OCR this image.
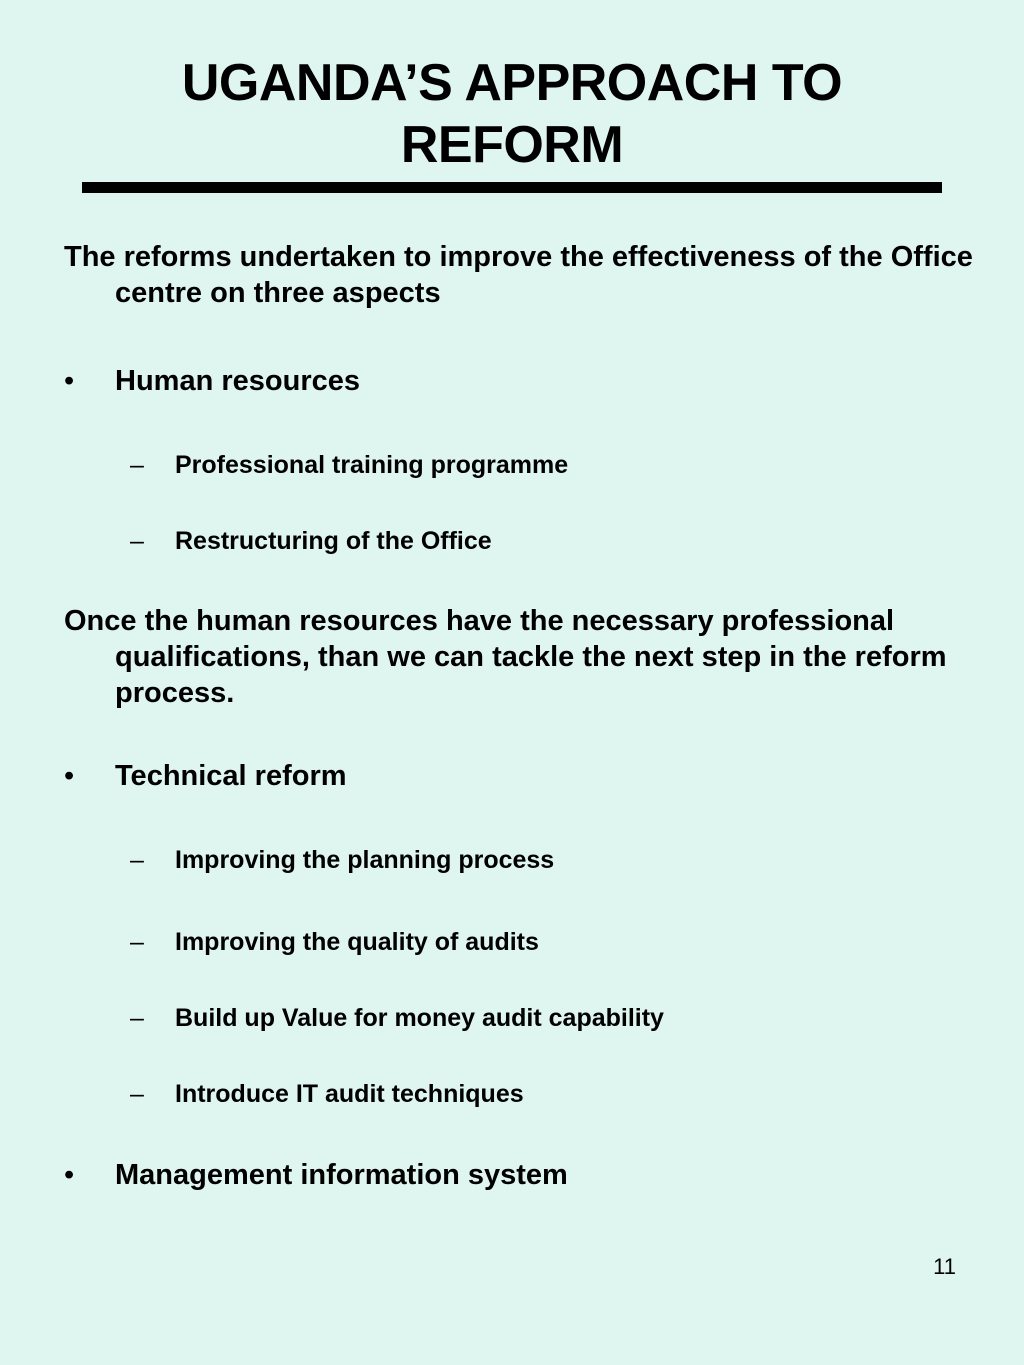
UGANDA’S APPROACH TO REFORM
The reforms undertaken to improve the effectiveness of the Office centre on three aspects
• Human resources
– Professional training programme
– Restructuring of the Office
Once the human resources have the necessary professional qualifications, than we can tackle the next step in the reform process.
• Technical reform
– Improving the planning process
– Improving the quality of audits
– Build up Value for money audit capability
– Introduce IT audit techniques
• Management information system
11
